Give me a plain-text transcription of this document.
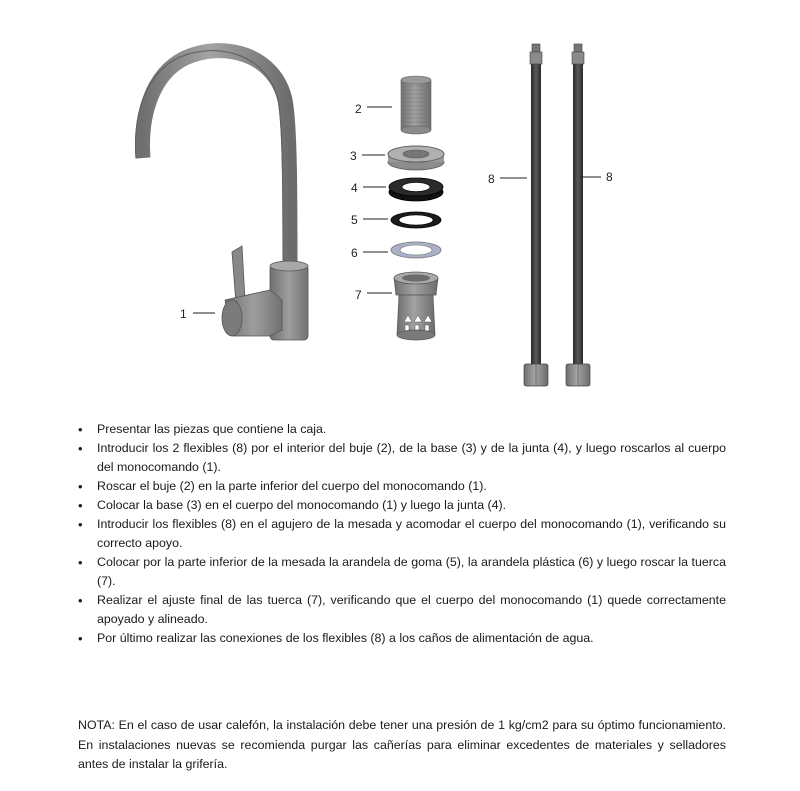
1
2
3
4
5
6
7
8	8
• Presentar las piezas que contiene la caja.
• Introducir los 2 flexibles (8) por el interior del buje (2), de la base (3) y de la junta (4), y luego roscarlos al cuerpo del monocomando (1).
• Roscar el buje (2) en la parte inferior del cuerpo del monocomando (1).
• Colocar la base (3) en el cuerpo del monocomando (1) y luego la junta (4).
• Introducir los flexibles (8) en el agujero de la mesada y acomodar el cuerpo del monocomando (1), verificando su correcto apoyo.
• Colocar por la parte inferior de la mesada la arandela de goma (5), la arandela plástica (6) y luego roscar la tuerca (7).
• Realizar el ajuste final de las tuerca (7), verificando que el cuerpo del monocomando (1) quede correctamente apoyado y alineado.
• Por último realizar las conexiones de los flexibles (8) a los caños de alimentación de agua.

NOTA: En el caso de usar calefón, la instalación debe tener una presión de 1 kg/cm2 para su óptimo funcionamiento. En instalaciones nuevas se recomienda purgar las cañerías para eliminar excedentes de materiales y selladores antes de instalar la grifería.
